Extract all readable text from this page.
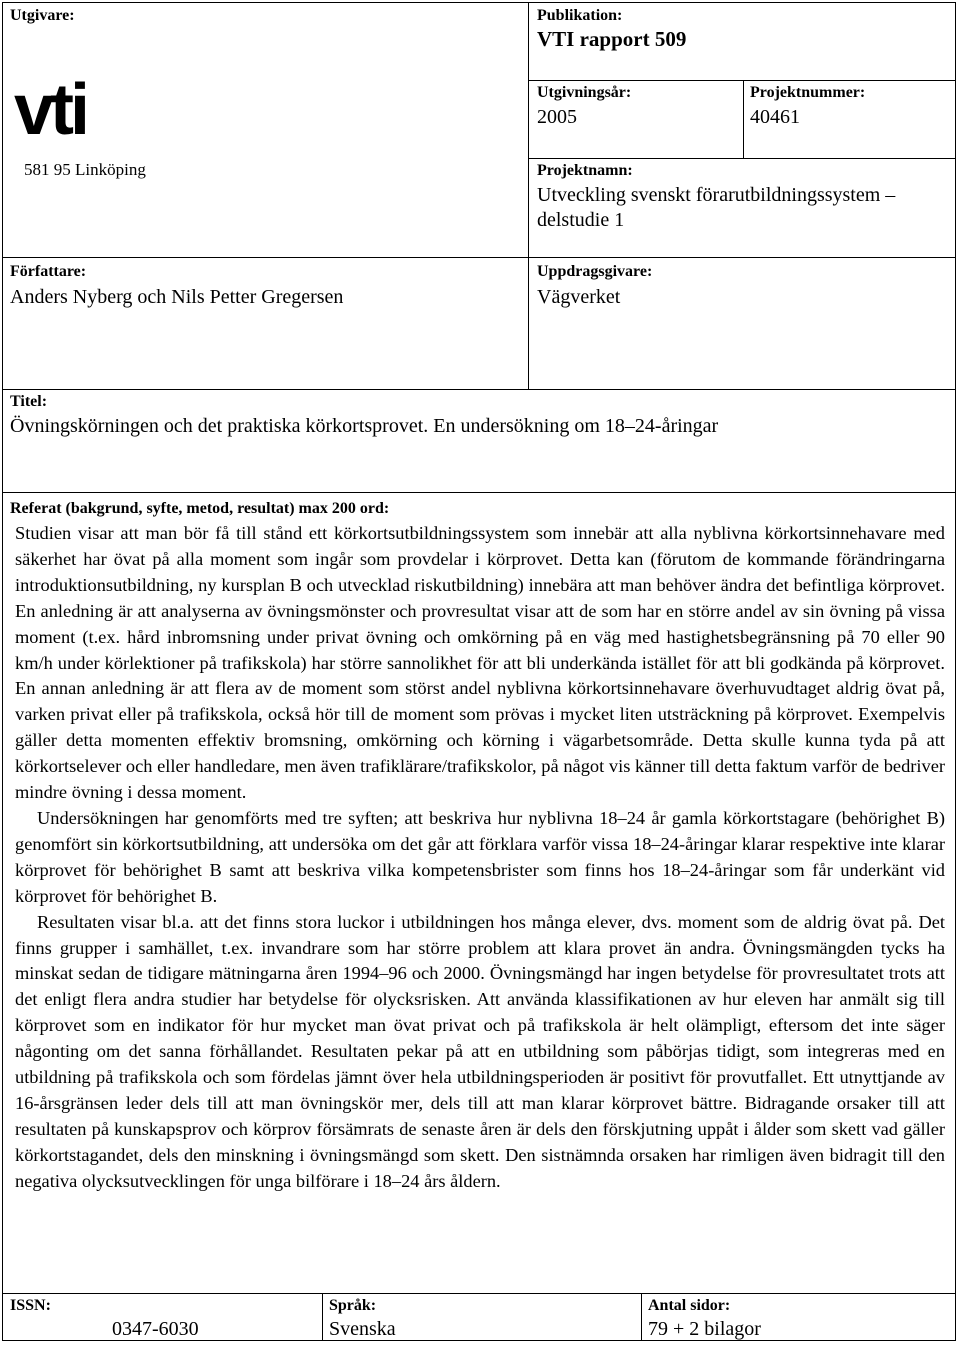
Utgivare:
vti
581 95 Linköping
Publikation:
VTI rapport 509
Utgivningsår:
2005
Projektnummer:
40461
Projektnamn:
Utveckling svenskt förarutbildningssystem –
delstudie 1
Författare:
Anders Nyberg och Nils Petter Gregersen
Uppdragsgivare:
Vägverket
Titel:
Övningskörningen och det praktiska körkortsprovet. En undersökning om 18–24-åringar
Referat (bakgrund, syfte, metod, resultat) max 200 ord:

Studien visar att man bör få till stånd ett körkortsutbildningssystem som innebär att alla nyblivna körkortsinnehavare med säkerhet har övat på alla moment som ingår som provdelar i körprovet. Detta kan (förutom de kommande förändringarna introduktionsutbildning, ny kursplan B och utvecklad riskutbildning) innebära att man behöver ändra det befintliga körprovet. En anledning är att analyserna av övningsmönster och provresultat visar att de som har en större andel av sin övning på vissa moment (t.ex. hård inbromsning under privat övning och omkörning på en väg med hastighetsbegränsning på 70 eller 90 km/h under körlektioner på trafikskola) har större sannolikhet för att bli underkända istället för att bli godkända på körprovet. En annan anledning är att flera av de moment som störst andel nyblivna körkortsinnehavare överhuvudtaget aldrig övat på, varken privat eller på trafikskola, också hör till de moment som prövas i mycket liten utsträckning på körprovet. Exempelvis gäller detta momenten effektiv bromsning, omkörning och körning i vägarbetsområde. Detta skulle kunna tyda på att körkortselever och eller handledare, men även trafiklärare/trafikskolor, på något vis känner till detta faktum varför de bedriver mindre övning i dessa moment.

Undersökningen har genomförts med tre syften; att beskriva hur nyblivna 18–24 år gamla körkortstagare (behörighet B) genomfört sin körkortsutbildning, att undersöka om det går att förklara varför vissa 18–24-åringar klarar respektive inte klarar körprovet för behörighet B samt att beskriva vilka kompetensbrister som finns hos 18–24-åringar som får underkänt vid körprovet för behörighet B.

Resultaten visar bl.a. att det finns stora luckor i utbildningen hos många elever, dvs. moment som de aldrig övat på. Det finns grupper i samhället, t.ex. invandrare som har större problem att klara provet än andra. Övningsmängden tycks ha minskat sedan de tidigare mätningarna åren 1994–96 och 2000. Övningsmängd har ingen betydelse för provresultatet trots att det enligt flera andra studier har betydelse för olycksrisken. Att använda klassifikationen av hur eleven har anmält sig till körprovet som en indikator för hur mycket man övat privat och på trafikskola är helt olämpligt, eftersom det inte säger någonting om det sanna förhållandet. Resultaten pekar på att en utbildning som påbörjas tidigt, som integreras med en utbildning på trafikskola och som fördelas jämnt över hela utbildningsperioden är positivt för provutfallet. Ett utnyttjande av 16-årsgränsen leder dels till att man övningskör mer, dels till att man klarar körprovet bättre. Bidragande orsaker till att resultaten på kunskapsprov och körprov försämrats de senaste åren är dels den förskjutning uppåt i ålder som skett vad gäller körkortstagandet, dels den minskning i övningsmängd som skett. Den sistnämnda orsaken har rimligen även bidragit till den negativa olycksutvecklingen för unga bilförare i 18–24 års åldern.

ISSN:
0347-6030
Språk:
Svenska
Antal sidor:
79 + 2 bilagor
